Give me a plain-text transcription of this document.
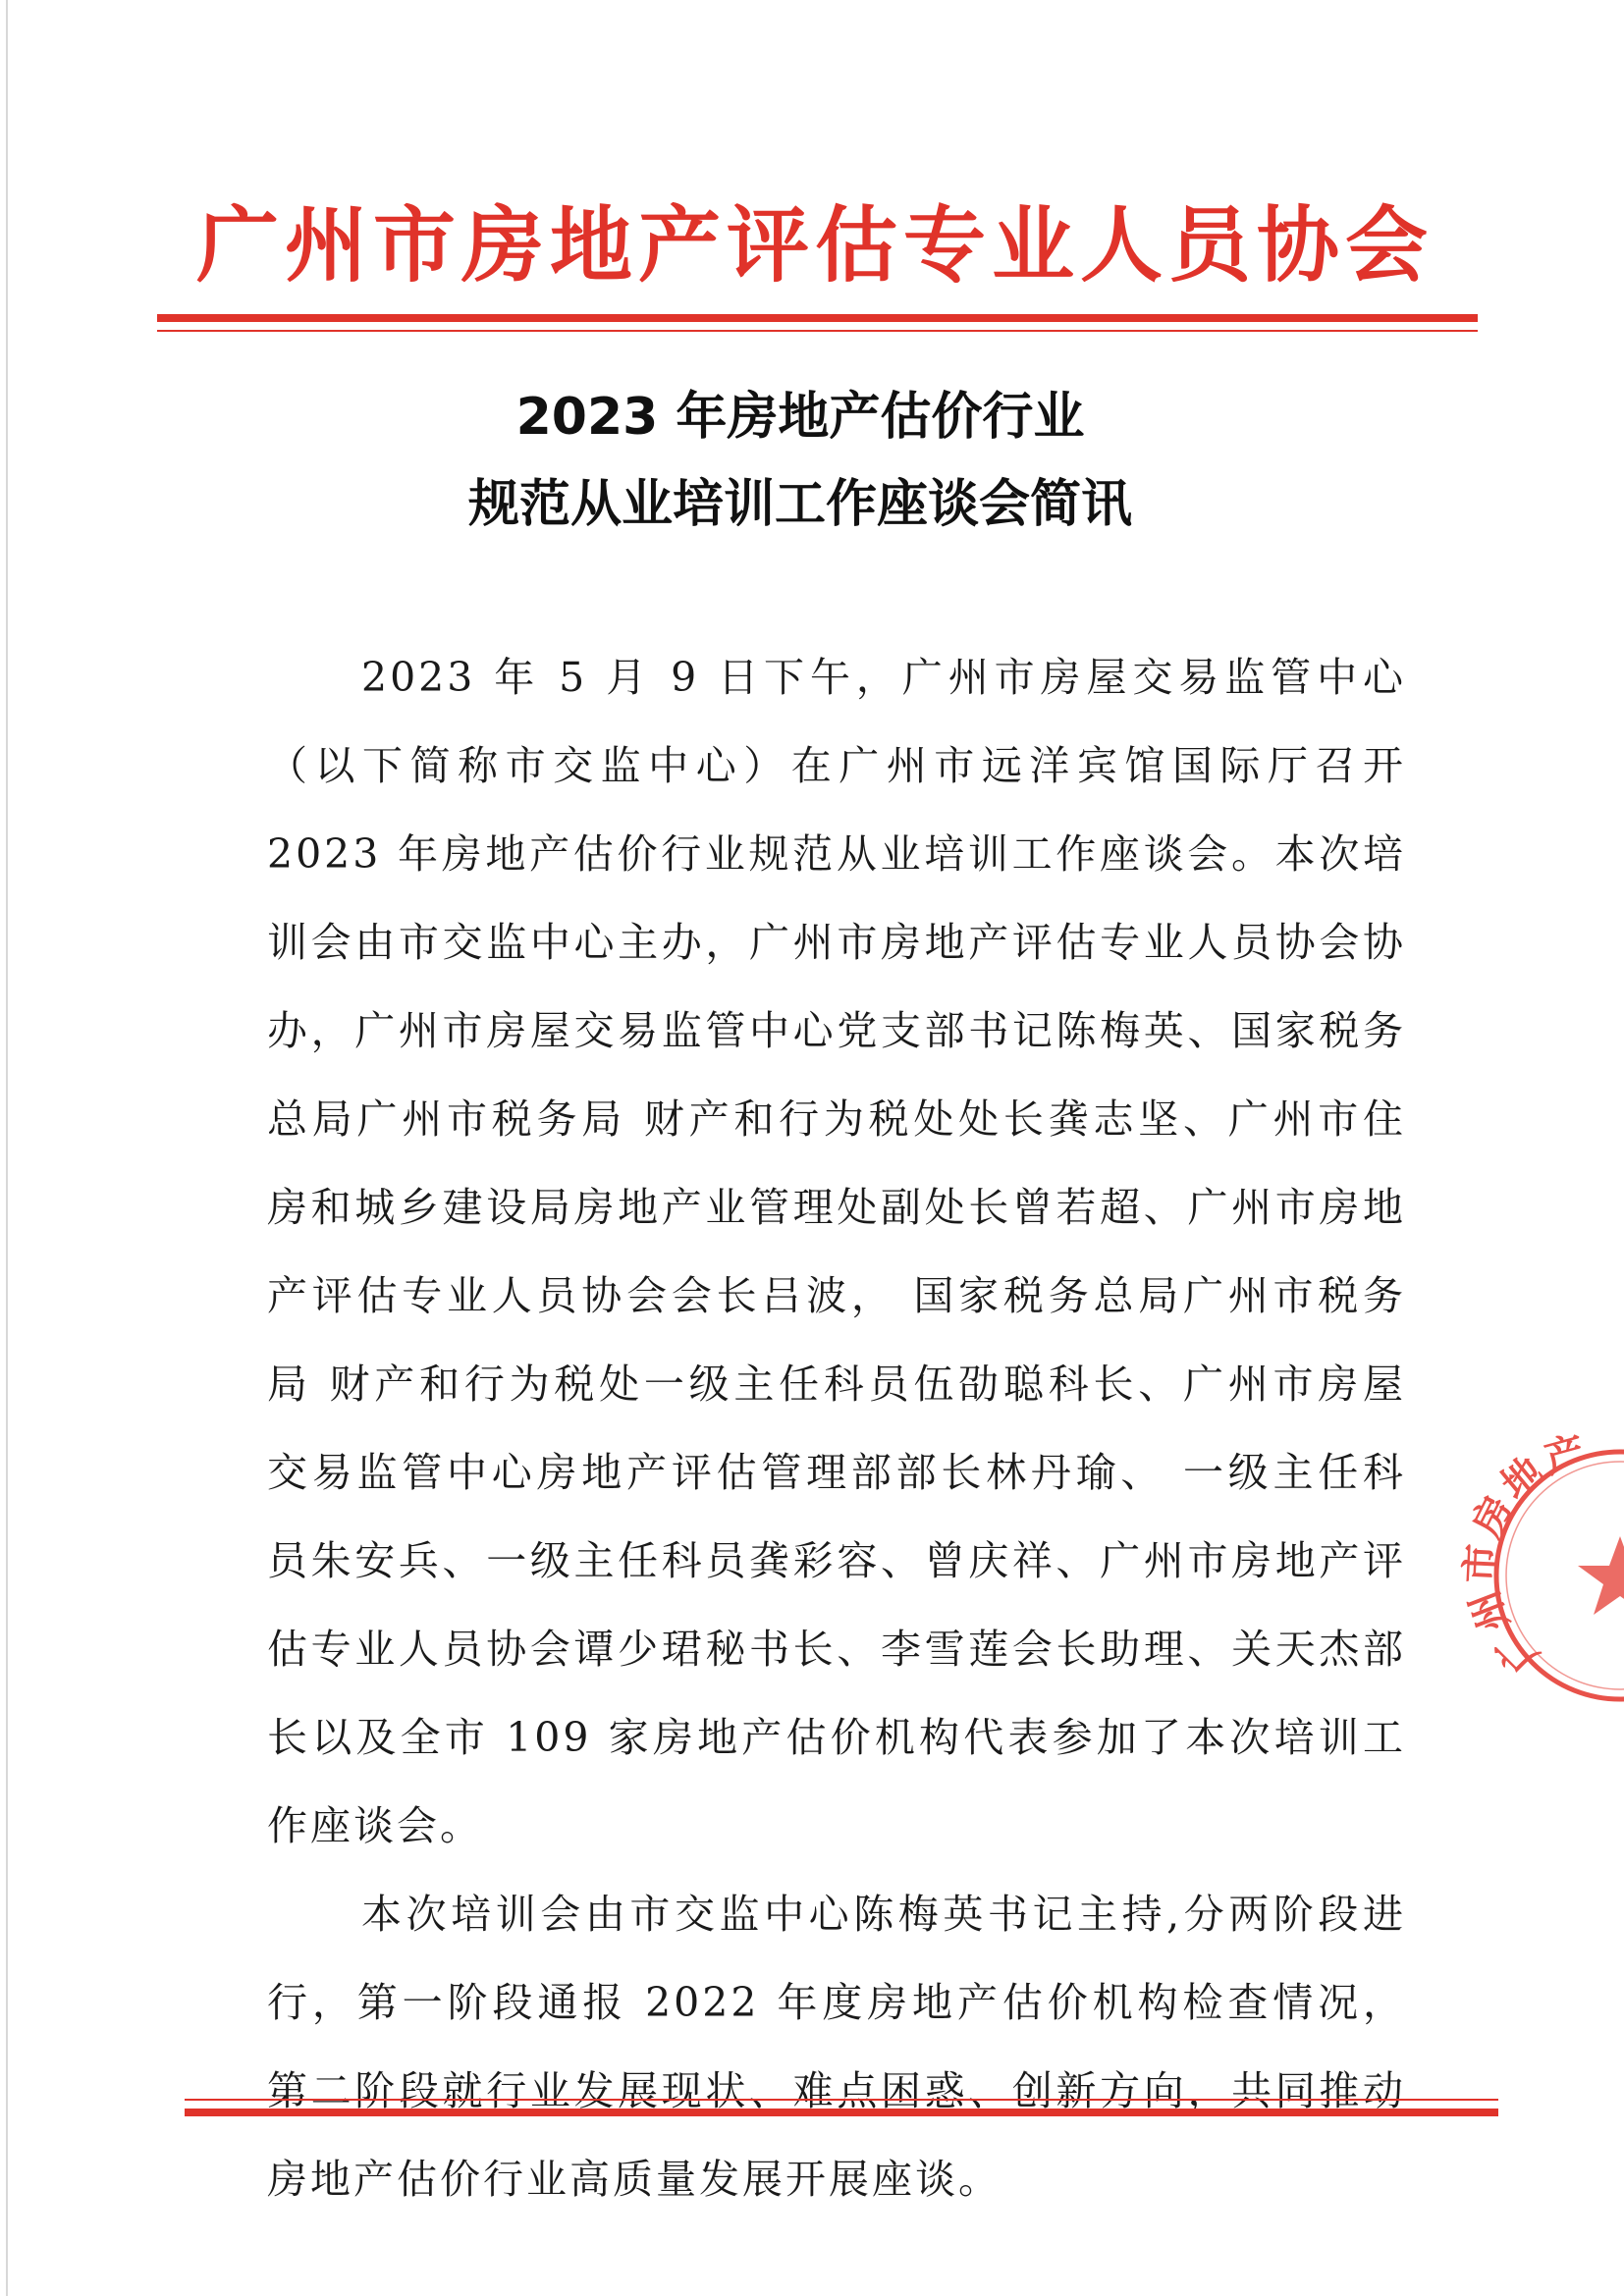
广州市房地产评估专业人员协会
2023 年房地产估价行业
规范从业培训工作座谈会简讯

2023 年 5 月 9 日下午，广州市房屋交易监管中心（以下简称市交监中心）在广州市远洋宾馆国际厅召开 2023 年房地产估价行业规范从业培训工作座谈会。本次培训会由市交监中心主办，广州市房地产评估专业人员协会协办，广州市房屋交易监管中心党支部书记陈梅英、国家税务总局广州市税务局 财产和行为税处处长龚志坚、广州市住房和城乡建设局房地产业管理处副处长曾若超、广州市房地产评估专业人员协会会长吕波， 国家税务总局广州市税务局 财产和行为税处一级主任科员伍劭聪科长、广州市房屋交易监管中心房地产评估管理部部长林丹瑜、 一级主任科员朱安兵、一级主任科员龚彩容、曾庆祥、广州市房地产评估专业人员协会谭少珺秘书长、李雪莲会长助理、关天杰部长以及全市 109 家房地产估价机构代表参加了本次培训工作座谈会。

本次培训会由市交监中心陈梅英书记主持,分两阶段进行，第一阶段通报 2022 年度房地产估价机构检查情况，第二阶段就行业发展现状、难点困惑、创新方向，共同推动房地产估价行业高质量发展开展座谈。

广州市房地产
